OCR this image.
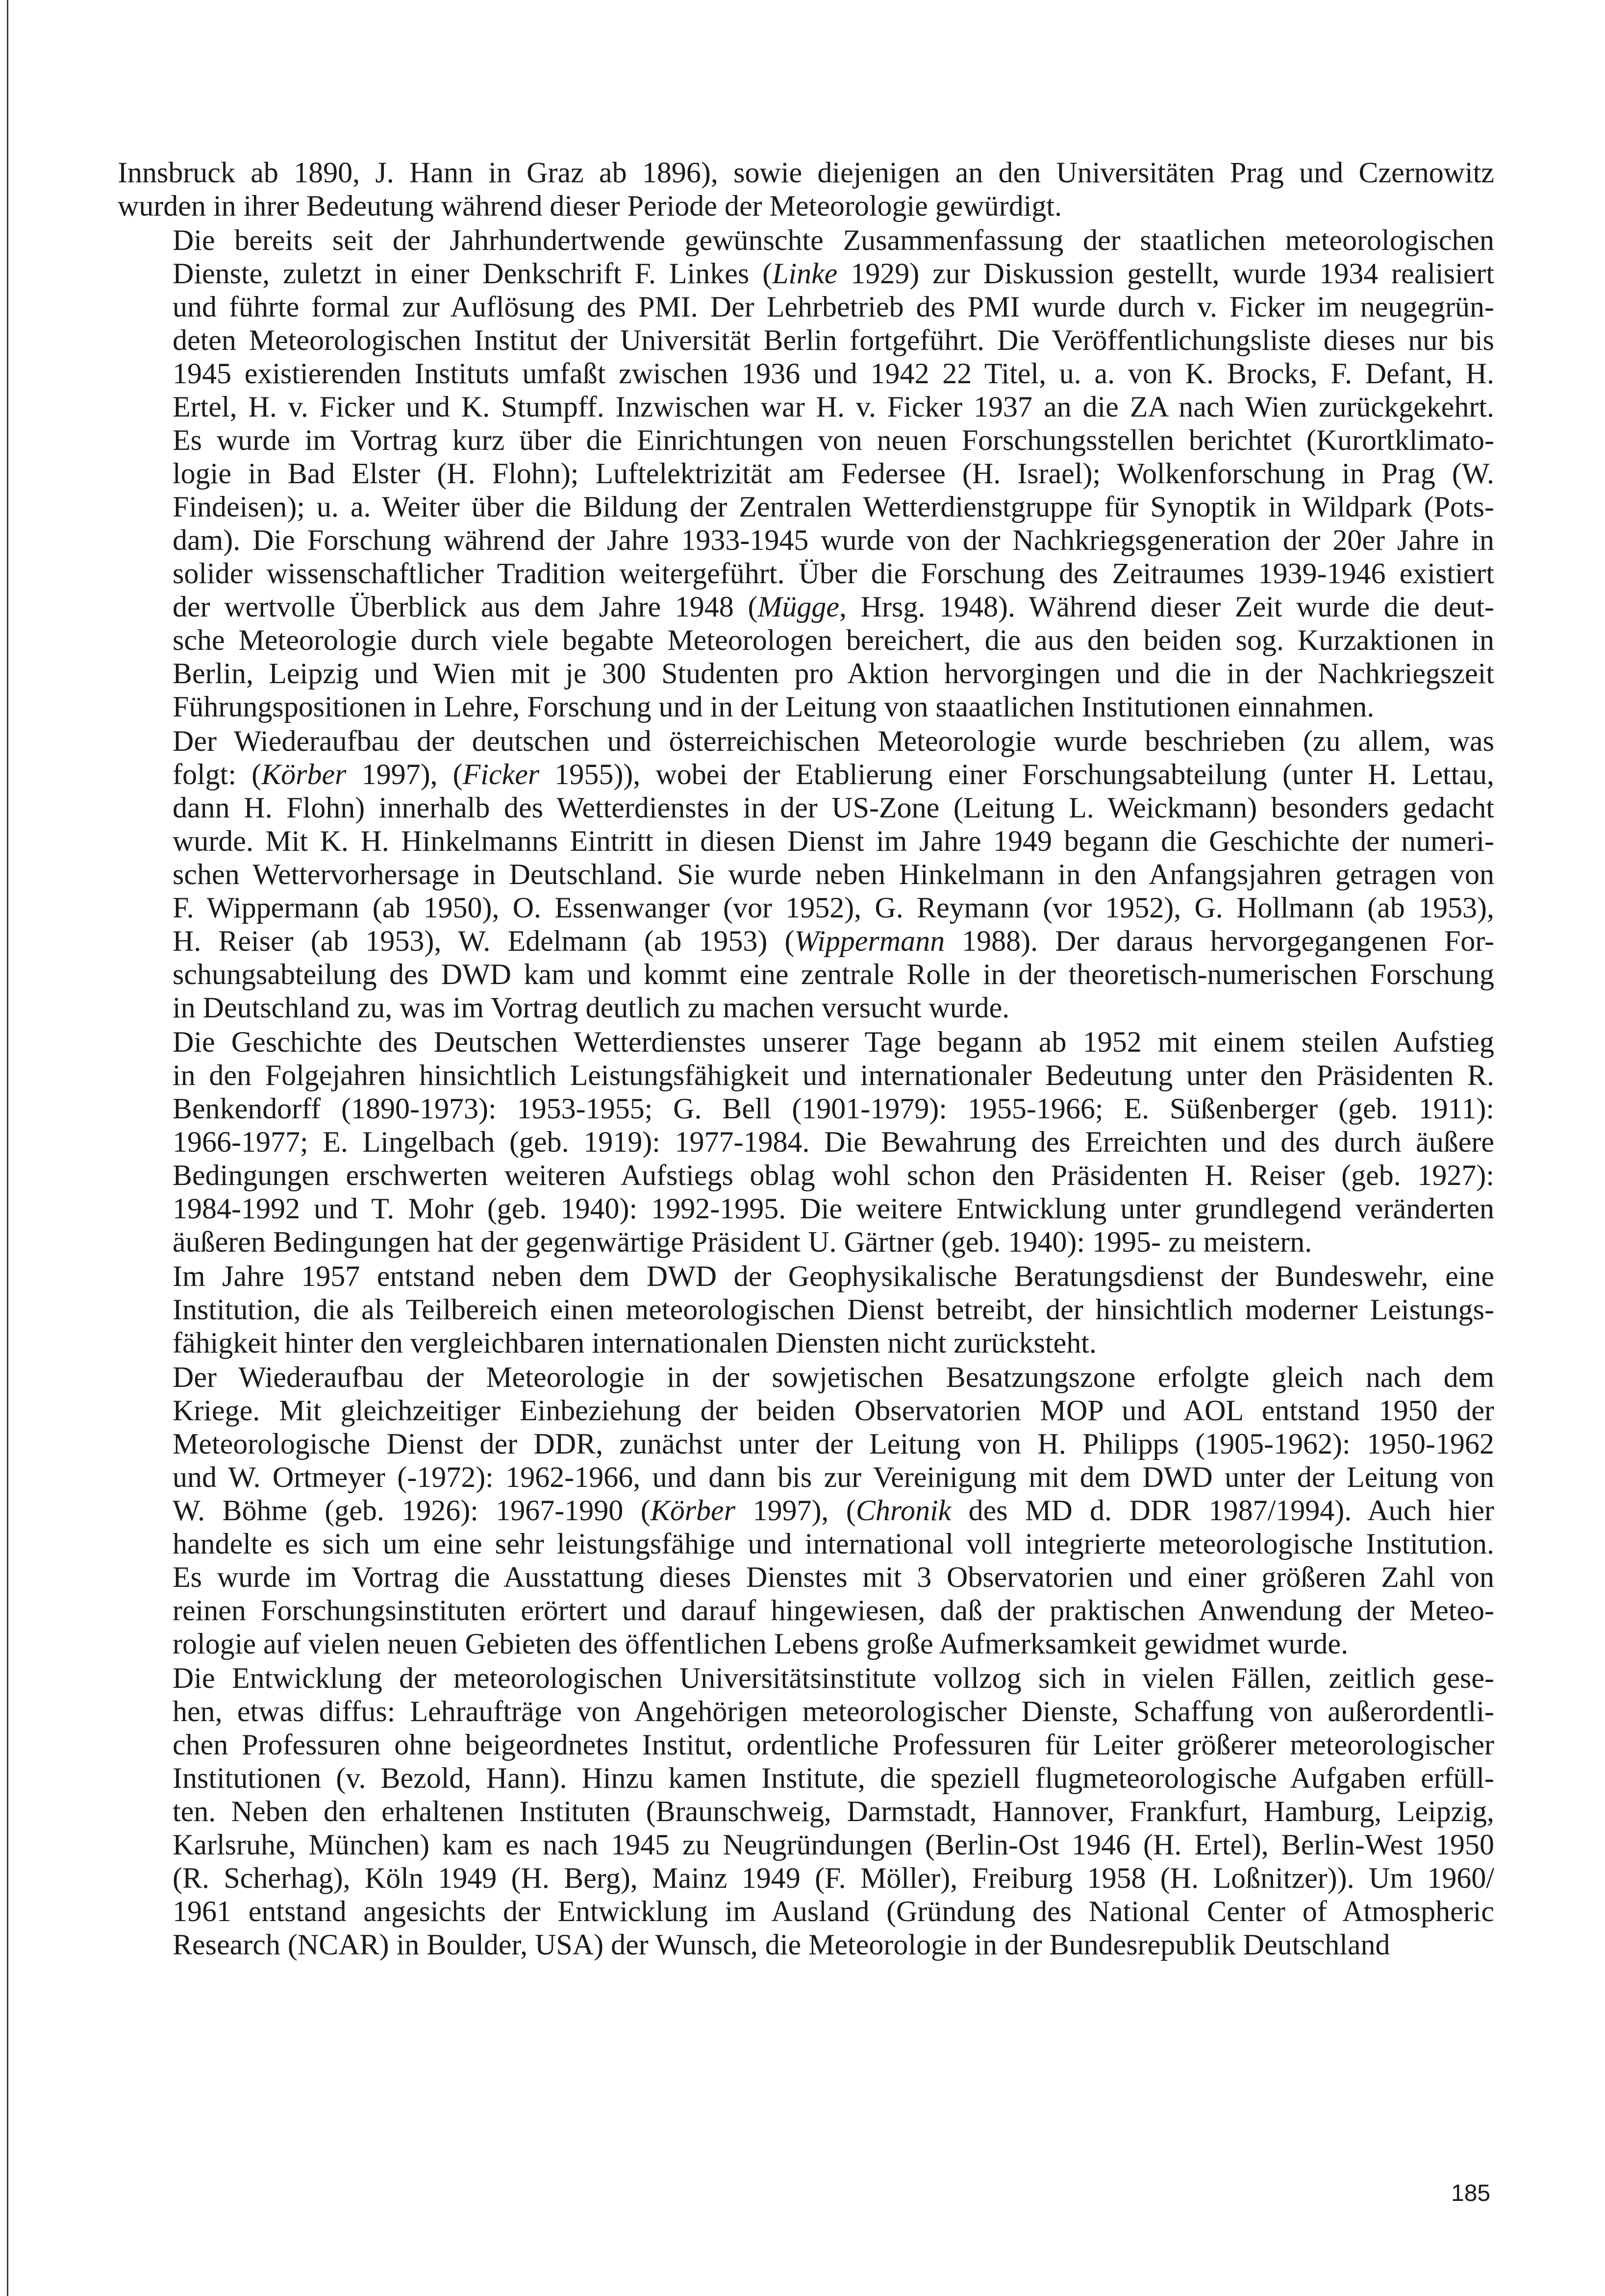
Innsbruck ab 1890, J. Hann in Graz ab 1896), sowie diejenigen an den Universitäten Prag und Czernowitz
wurden in ihrer Bedeutung während dieser Periode der Meteorologie gewürdigt.

Die bereits seit der Jahrhundertwende gewünschte Zusammenfassung der staatlichen meteorologischen
Dienste, zuletzt in einer Denkschrift F. Linkes (Linke 1929) zur Diskussion gestellt, wurde 1934 realisiert
und führte formal zur Auflösung des PMI. Der Lehrbetrieb des PMI wurde durch v. Ficker im neugegrün-
deten Meteorologischen Institut der Universität Berlin fortgeführt. Die Veröffentlichungsliste dieses nur bis
1945 existierenden Instituts umfaßt zwischen 1936 und 1942 22 Titel, u. a. von K. Brocks, F. Defant, H.
Ertel, H. v. Ficker und K. Stumpff. Inzwischen war H. v. Ficker 1937 an die ZA nach Wien zurückgekehrt.
Es wurde im Vortrag kurz über die Einrichtungen von neuen Forschungsstellen berichtet (Kurortklimato-
logie in Bad Elster (H. Flohn); Luftelektrizität am Federsee (H. Israel); Wolkenforschung in Prag (W.
Findeisen); u. a. Weiter über die Bildung der Zentralen Wetterdienstgruppe für Synoptik in Wildpark (Pots-
dam). Die Forschung während der Jahre 1933-1945 wurde von der Nachkriegsgeneration der 20er Jahre in
solider wissenschaftlicher Tradition weitergeführt. Über die Forschung des Zeitraumes 1939-1946 existiert
der wertvolle Überblick aus dem Jahre 1948 (Mügge, Hrsg. 1948). Während dieser Zeit wurde die deut-
sche Meteorologie durch viele begabte Meteorologen bereichert, die aus den beiden sog. Kurzaktionen in
Berlin, Leipzig und Wien mit je 300 Studenten pro Aktion hervorgingen und die in der Nachkriegszeit
Führungspositionen in Lehre, Forschung und in der Leitung von staaatlichen Institutionen einnahmen.

Der Wiederaufbau der deutschen und österreichischen Meteorologie wurde beschrieben (zu allem, was
folgt: (Körber 1997), (Ficker 1955)), wobei der Etablierung einer Forschungsabteilung (unter H. Lettau,
dann H. Flohn) innerhalb des Wetterdienstes in der US-Zone (Leitung L. Weickmann) besonders gedacht
wurde. Mit K. H. Hinkelmanns Eintritt in diesen Dienst im Jahre 1949 begann die Geschichte der numeri-
schen Wettervorhersage in Deutschland. Sie wurde neben Hinkelmann in den Anfangsjahren getragen von
F. Wippermann (ab 1950), O. Essenwanger (vor 1952), G. Reymann (vor 1952), G. Hollmann (ab 1953),
H. Reiser (ab 1953), W. Edelmann (ab 1953) (Wippermann 1988). Der daraus hervorgegangenen For-
schungsabteilung des DWD kam und kommt eine zentrale Rolle in der theoretisch-numerischen Forschung
in Deutschland zu, was im Vortrag deutlich zu machen versucht wurde.

Die Geschichte des Deutschen Wetterdienstes unserer Tage begann ab 1952 mit einem steilen Aufstieg
in den Folgejahren hinsichtlich Leistungsfähigkeit und internationaler Bedeutung unter den Präsidenten R.
Benkendorff (1890-1973): 1953-1955; G. Bell (1901-1979): 1955-1966; E. Süßenberger (geb. 1911):
1966-1977; E. Lingelbach (geb. 1919): 1977-1984. Die Bewahrung des Erreichten und des durch äußere
Bedingungen erschwerten weiteren Aufstiegs oblag wohl schon den Präsidenten H. Reiser (geb. 1927):
1984-1992 und T. Mohr (geb. 1940): 1992-1995. Die weitere Entwicklung unter grundlegend veränderten
äußeren Bedingungen hat der gegenwärtige Präsident U. Gärtner (geb. 1940): 1995- zu meistern.

Im Jahre 1957 entstand neben dem DWD der Geophysikalische Beratungsdienst der Bundeswehr, eine
Institution, die als Teilbereich einen meteorologischen Dienst betreibt, der hinsichtlich moderner Leistungs-
fähigkeit hinter den vergleichbaren internationalen Diensten nicht zurücksteht.

Der Wiederaufbau der Meteorologie in der sowjetischen Besatzungszone erfolgte gleich nach dem
Kriege. Mit gleichzeitiger Einbeziehung der beiden Observatorien MOP und AOL entstand 1950 der
Meteorologische Dienst der DDR, zunächst unter der Leitung von H. Philipps (1905-1962): 1950-1962
und W. Ortmeyer (-1972): 1962-1966, und dann bis zur Vereinigung mit dem DWD unter der Leitung von
W. Böhme (geb. 1926): 1967-1990 (Körber 1997), (Chronik des MD d. DDR 1987/1994). Auch hier
handelte es sich um eine sehr leistungsfähige und international voll integrierte meteorologische Institution.
Es wurde im Vortrag die Ausstattung dieses Dienstes mit 3 Observatorien und einer größeren Zahl von
reinen Forschungsinstituten erörtert und darauf hingewiesen, daß der praktischen Anwendung der Meteo-
rologie auf vielen neuen Gebieten des öffentlichen Lebens große Aufmerksamkeit gewidmet wurde.

Die Entwicklung der meteorologischen Universitätsinstitute vollzog sich in vielen Fällen, zeitlich gese-
hen, etwas diffus: Lehraufträge von Angehörigen meteorologischer Dienste, Schaffung von außerordentli-
chen Professuren ohne beigeordnetes Institut, ordentliche Professuren für Leiter größerer meteorologischer
Institutionen (v. Bezold, Hann). Hinzu kamen Institute, die speziell flugmeteorologische Aufgaben erfüll-
ten. Neben den erhaltenen Instituten (Braunschweig, Darmstadt, Hannover, Frankfurt, Hamburg, Leipzig,
Karlsruhe, München) kam es nach 1945 zu Neugründungen (Berlin-Ost 1946 (H. Ertel), Berlin-West 1950
(R. Scherhag), Köln 1949 (H. Berg), Mainz 1949 (F. Möller), Freiburg 1958 (H. Loßnitzer)). Um 1960/
1961 entstand angesichts der Entwicklung im Ausland (Gründung des National Center of Atmospheric
Research (NCAR) in Boulder, USA) der Wunsch, die Meteorologie in der Bundesrepublik Deutschland

185
